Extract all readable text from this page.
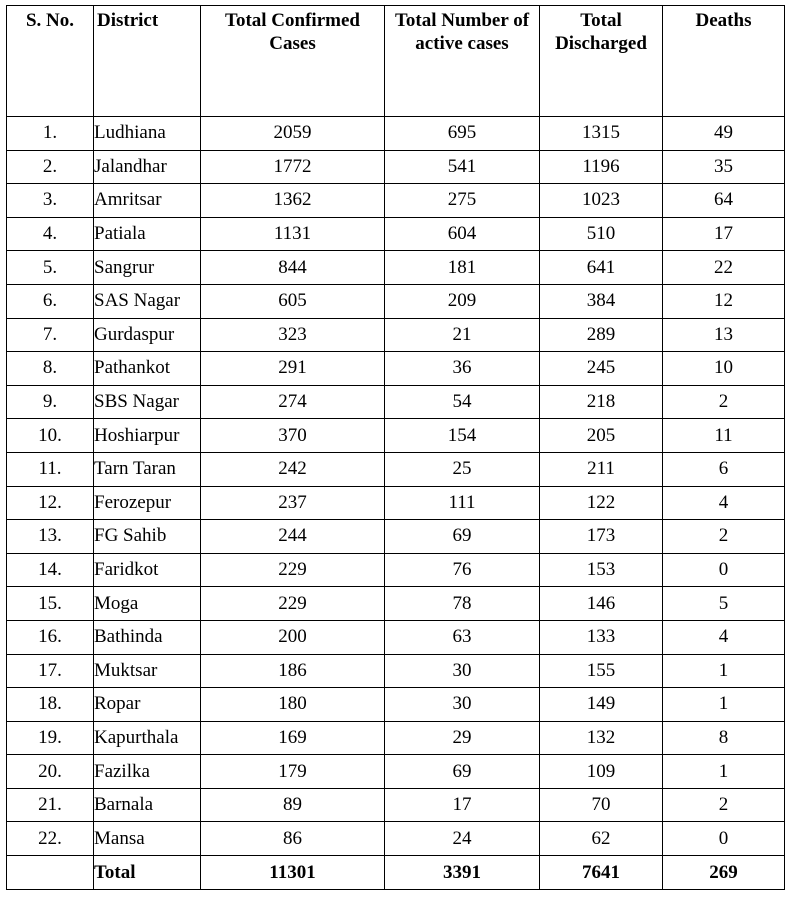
S. No.	District	Total Confirmed Cases	Total Number of active cases	Total Discharged	Deaths
1.	Ludhiana	2059	695	1315	49
2.	Jalandhar	1772	541	1196	35
3.	Amritsar	1362	275	1023	64
4.	Patiala	1131	604	510	17
5.	Sangrur	844	181	641	22
6.	SAS Nagar	605	209	384	12
7.	Gurdaspur	323	21	289	13
8.	Pathankot	291	36	245	10
9.	SBS Nagar	274	54	218	2
10.	Hoshiarpur	370	154	205	11
11.	Tarn Taran	242	25	211	6
12.	Ferozepur	237	111	122	4
13.	FG Sahib	244	69	173	2
14.	Faridkot	229	76	153	0
15.	Moga	229	78	146	5
16.	Bathinda	200	63	133	4
17.	Muktsar	186	30	155	1
18.	Ropar	180	30	149	1
19.	Kapurthala	169	29	132	8
20.	Fazilka	179	69	109	1
21.	Barnala	89	17	70	2
22.	Mansa	86	24	62	0
	Total	11301	3391	7641	269
